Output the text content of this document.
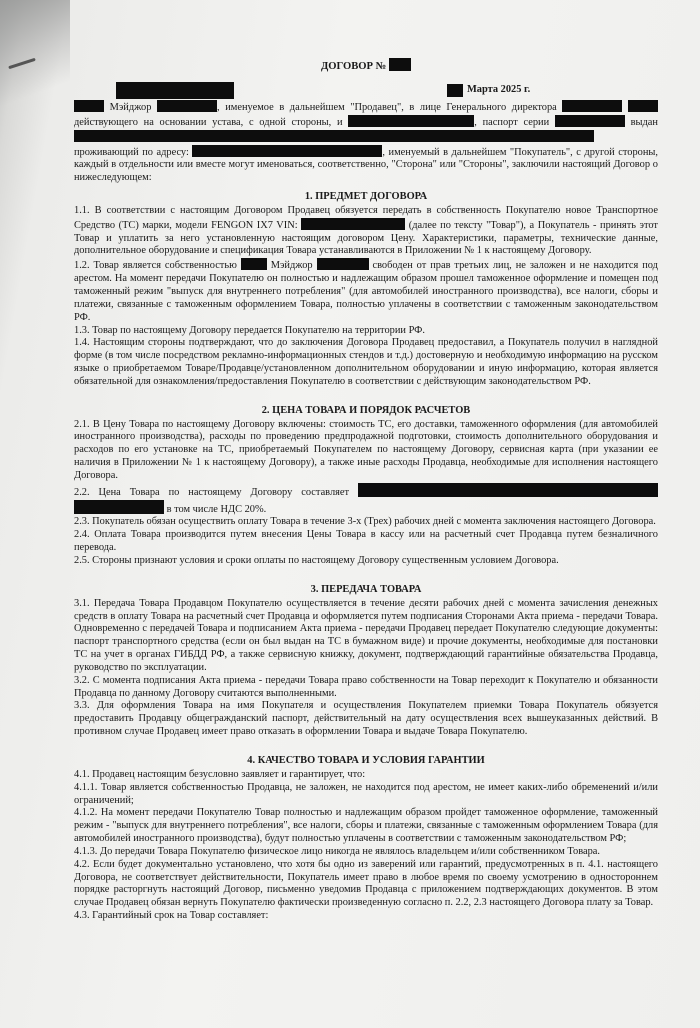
ДОГОВОР №
Марта 2025 г.

Мэйджор	, именуемое в дальнейшем "Продавец", в лице Генерального директора   действующего на основании устава, с одной стороны, и	, паспорт серии	выдан  проживающий по адресу:	, именуемый в дальнейшем "Покупатель", с другой стороны, каждый в отдельности или вместе могут именоваться, соответственно, "Сторона" или "Стороны", заключили настоящий Договор о нижеследующем:

1. ПРЕДМЕТ ДОГОВОРА

1.1. В соответствии с настоящим Договором Продавец обязуется передать в собственность Покупателю новое Транспортное Средство (ТС) марки, модели FENGON IX7 VIN:	(далее по тексту "Товар"), а Покупатель - принять этот Товар и уплатить за него установленную настоящим договором Цену. Характеристики, параметры, технические данные, дополнительное оборудование и спецификация Товара устанавливаются в Приложении № 1 к настоящему Договору.

1.2. Товар является собственностью	Мэйджор	свободен от прав третьих лиц, не заложен и не находится под арестом. На момент передачи Покупателю он полностью и надлежащим образом прошел таможенное оформление и помещен под таможенный режим "выпуск для внутреннего потребления" (для автомобилей иностранного производства), все налоги, сборы и платежи, связанные с таможенным оформлением Товара, полностью уплачены в соответствии с таможенным законодательством РФ.

1.3. Товар по настоящему Договору передается Покупателю на территории РФ.

1.4. Настоящим стороны подтверждают, что до заключения Договора Продавец предоставил, а Покупатель получил в наглядной форме (в том числе посредством рекламно-информационных стендов и т.д.) достоверную и необходимую информацию на русском языке о приобретаемом Товаре/Продавце/установленном дополнительном оборудовании и иную информацию, которая является обязательной для ознакомления/предоставления Покупателю в соответствии с действующим законодательством РФ.

2. ЦЕНА ТОВАРА И ПОРЯДОК РАСЧЕТОВ

2.1. В Цену Товара по настоящему Договору включены: стоимость ТС, его доставки, таможенного оформления (для автомобилей иностранного производства), расходы по проведению предпродажной подготовки, стоимость дополнительного оборудования и расходов по его установке на ТС, приобретаемый Покупателем по настоящему Договору, сервисная карта (при указании ее наличия в Приложении № 1 к настоящему Договору), а также иные расходы Продавца, необходимые для исполнения настоящего Договора.

2.2. Цена Товара по настоящему Договору составляет   в том числе НДС 20%.

2.3. Покупатель обязан осуществить оплату Товара в течение 3-х (Трех) рабочих дней с момента заключения настоящего Договора.

2.4. Оплата Товара производится путем внесения Цены Товара в кассу или на расчетный счет Продавца путем безналичного перевода.

2.5. Стороны признают условия и сроки оплаты по настоящему Договору существенным условием Договора.

3. ПЕРЕДАЧА ТОВАРА

3.1. Передача Товара Продавцом Покупателю осуществляется в течение десяти рабочих дней с момента зачисления денежных средств в оплату Товара на расчетный счет Продавца и оформляется путем подписания Сторонами Акта приема - передачи Товара. Одновременно с передачей Товара и подписанием Акта приема - передачи Продавец передает Покупателю следующие документы: паспорт транспортного средства (если он был выдан на ТС в бумажном виде) и прочие документы, необходимые для постановки ТС на учет в органах ГИБДД РФ, а также сервисную книжку, документ, подтверждающий гарантийные обязательства Продавца, руководство по эксплуатации.

3.2. С момента подписания Акта приема - передачи Товара право собственности на Товар переходит к Покупателю и обязанности Продавца по данному Договору считаются выполненными.

3.3. Для оформления Товара на имя Покупателя и осуществления Покупателем приемки Товара Покупатель обязуется предоставить Продавцу общегражданский паспорт, действительный на дату осуществления всех вышеуказанных действий. В противном случае Продавец имеет право отказать в оформлении Товара и выдаче Товара Покупателю.

4. КАЧЕСТВО ТОВАРА И УСЛОВИЯ ГАРАНТИИ

4.1. Продавец настоящим безусловно заявляет и гарантирует, что:

4.1.1. Товар является собственностью Продавца, не заложен, не находится под арестом, не имеет каких-либо обременений и/или ограничений;

4.1.2. На момент передачи Покупателю Товар полностью и надлежащим образом пройдет таможенное оформление, таможенный режим - "выпуск для внутреннего потребления", все налоги, сборы и платежи, связанные с таможенным оформлением Товара (для автомобилей иностранного производства), будут полностью уплачены в соответствии с таможенным законодательством РФ;

4.1.3. До передачи Товара Покупателю физическое лицо никогда не являлось владельцем и/или собственником Товара.

4.2. Если будет документально установлено, что хотя бы одно из заверений или гарантий, предусмотренных в п. 4.1. настоящего Договора, не соответствует действительности, Покупатель имеет право в любое время по своему усмотрению в одностороннем порядке расторгнуть настоящий Договор, письменно уведомив Продавца с приложением подтверждающих документов. В этом случае Продавец обязан вернуть Покупателю фактически произведенную согласно п. 2.2, 2.3 настоящего Договора плату за Товар.

4.3. Гарантийный срок на Товар составляет:
